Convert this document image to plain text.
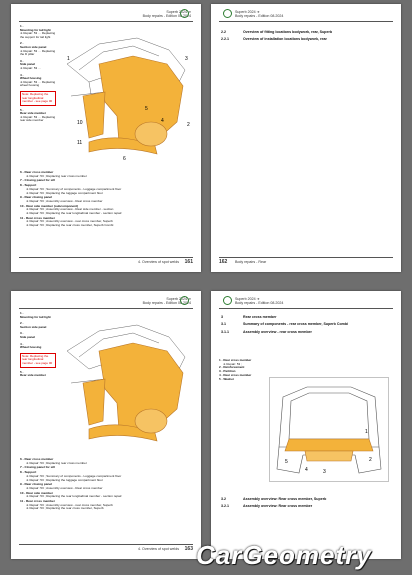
Superb 2024 ➔
Body repairs - Edition 08.2024
1 -
Mounting for tail light
➔ Repair: 53 … Replacing the support for tail light
2 -
Section side panel
➔ Repair: 53 … Replacing the D pillar
3 -
Side panel
➔ Repair: 53 …
4 -
Wheel housing
➔ Repair: 53 … Replacing wheel housing
Note: Replacing the rear longitudinal member - see page 00
5 -
Rear side member
➔ Repair: 53 … Replacing rear side member
3
2
1
10
11
4
6
5
6 - Rear cross member
➔ Repair: 53 ; Replacing rear cross member
7 - Closing panel for sill
8 - Support
➔ Repair: 53 ; Summary of components - Luggage compartment floor
➔ Repair: 53 ; Replacing the luggage compartment floor
9 - Rear closing panel
➔ Repair: 53 ; Assembly overview - Rear cross member
10 - Rear side member (subcomponent)
➔ Repair: 53 ; Assembly overview - Rear side member - section
➔ Repair: 53 ; Replacing the rear longitudinal member - section repair
11 - Rear cross member
➔ Repair: 53 ; Assembly overview - rear cross member, Superb
➔ Repair: 53 ; Replacing the rear cross member, Superb Combi
4. Overview of spot welds 161
Superb 2024 ➔
Body repairs - Edition 08.2024
2.2	Overview of fitting locations bodywork, rear, Superb
2.2.1	Overview of installation locations bodywork, rear
162 Body repairs - Rear
Superb 2024 ➔
Body repairs - Edition 08.2024
1 -
Mounting for tail light
2 -
Section side panel
3 -
Side panel
4 -
Wheel housing
Note: Replacing the rear longitudinal member - see page 00
5 -
Rear side member
6 - Rear cross member
➔ Repair: 53 ; Replacing rear cross member
7 - Closing panel for sill
8 - Support
➔ Repair: 53 ; Summary of components - Luggage compartment floor
➔ Repair: 53 ; Replacing the luggage compartment floor
9 - Rear closing panel
➔ Repair: 53 ; Assembly overview - Rear cross member
10 - Rear side member
➔ Repair: 53 ; Replacing the rear longitudinal member - section repair
11 - Rear cross member
➔ Repair: 53 ; Assembly overview - rear cross member, Superb
➔ Repair: 53 ; Replacing the rear cross member, Superb
4. Overview of spot welds 163
Superb 2024 ➔
Body repairs - Edition 08.2024
3	Rear cross member
3.1	Summary of components - rear cross member, Superb Combi
3.1.1	Assembly overview - rear cross member
1 - Rear cross member
➔ Repair: 53 ;
2 - Reinforcement
3 - Partition
4 - Rear cross member
5 - Washer
1
2
3
4
5
3.2	Assembly overview: Rear cross member, Superb
3.2.1	Assembly overview: Rear cross member
CarGeometry
